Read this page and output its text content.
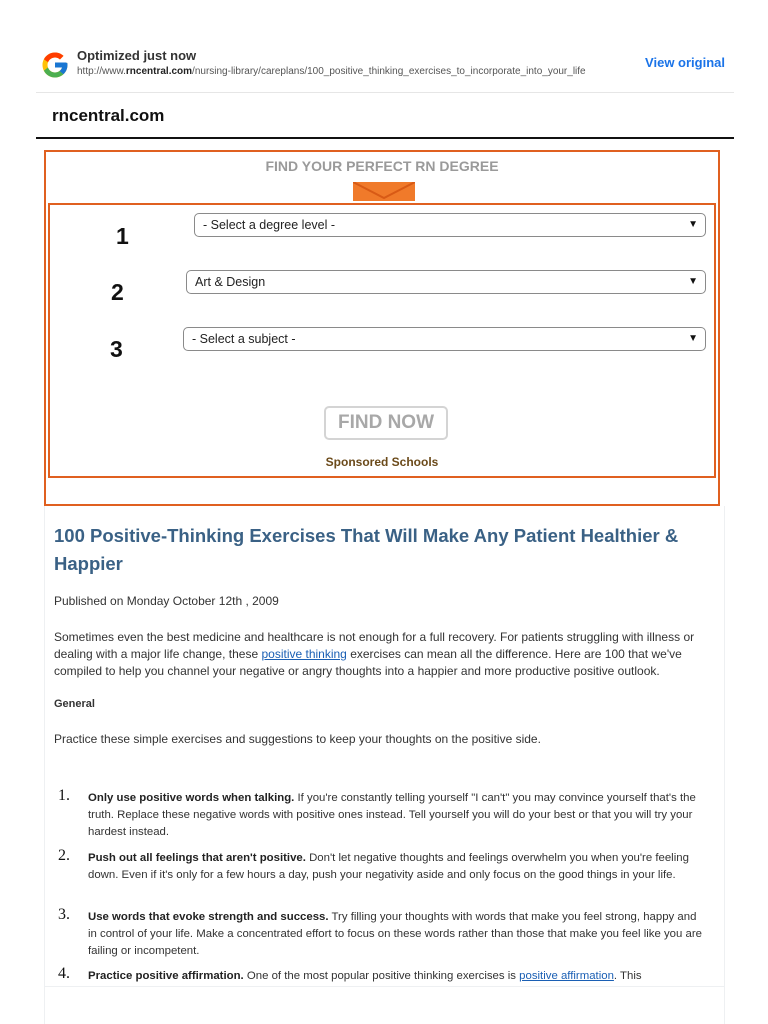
Optimized just now
http://www.rncentral.com/nursing-library/careplans/100_positive_thinking_exercises_to_incorporate_into_your_life
View original
rncentral.com
FIND YOUR PERFECT RN DEGREE
1	- Select a degree level -	▼
2	Art & Design	▼
3	- Select a subject -	▼
FIND NOW
Sponsored Schools
100 Positive-Thinking Exercises That Will Make Any Patient Healthier & Happier
Published on Monday October 12th , 2009
Sometimes even the best medicine and healthcare is not enough for a full recovery. For patients struggling with illness or dealing with a major life change, these positive thinking exercises can mean all the difference. Here are 100 that we've compiled to help you channel your negative or angry thoughts into a happier and more productive positive outlook.
General
Practice these simple exercises and suggestions to keep your thoughts on the positive side.
1. Only use positive words when talking. If you're constantly telling yourself "I can't" you may convince yourself that's the truth. Replace these negative words with positive ones instead. Tell yourself you will do your best or that you will try your hardest instead.
2. Push out all feelings that aren't positive. Don't let negative thoughts and feelings overwhelm you when you're feeling down. Even if it's only for a few hours a day, push your negativity aside and only focus on the good things in your life.
3. Use words that evoke strength and success. Try filling your thoughts with words that make you feel strong, happy and in control of your life. Make a concentrated effort to focus on these words rather than those that make you feel like you are failing or incompetent.
4. Practice positive affirmation. One of the most popular positive thinking exercises is positive affirmation. This
